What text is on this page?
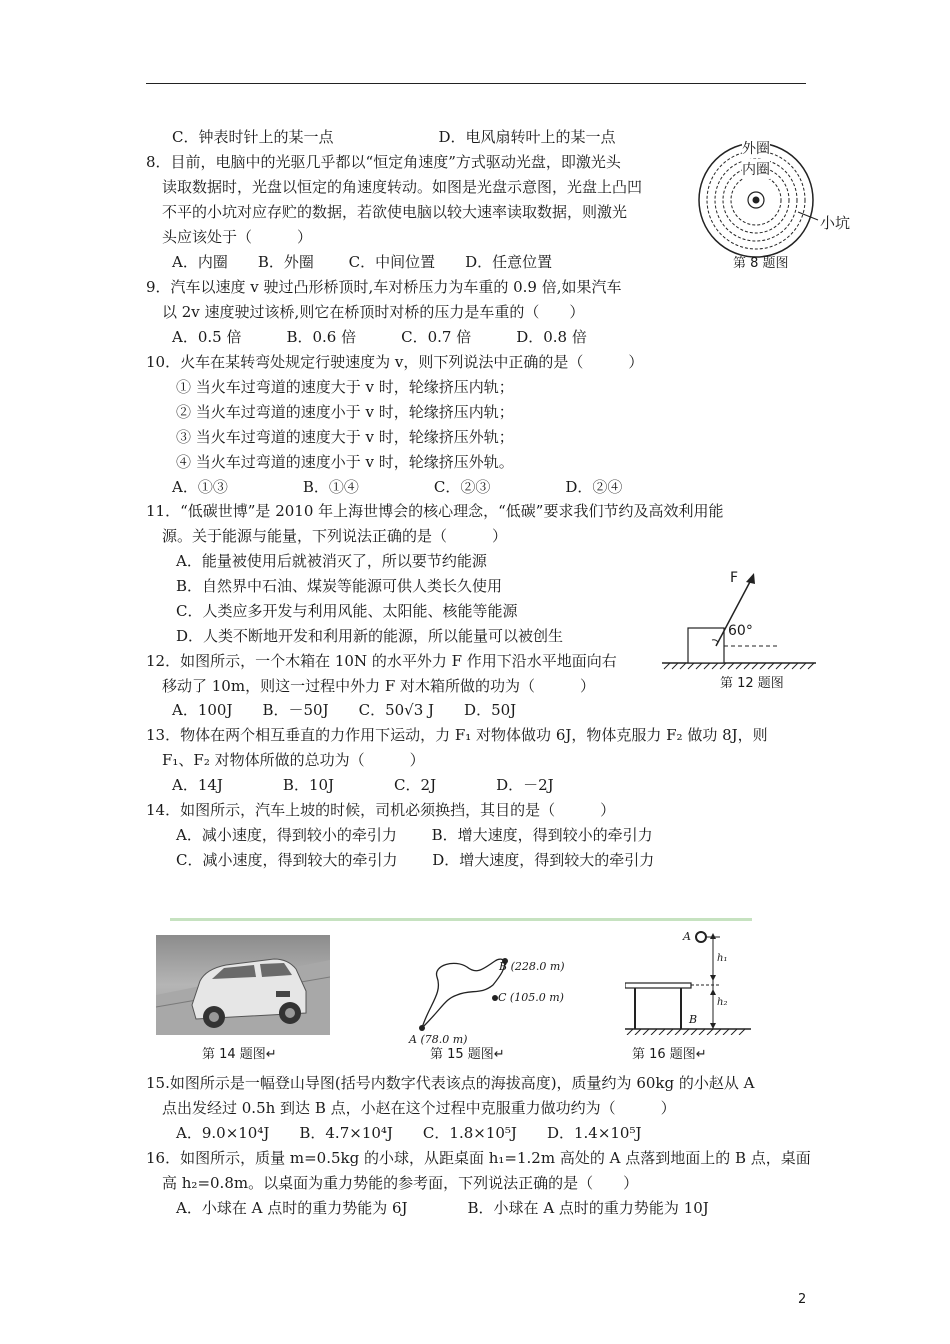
C．钟表时针上的某一点　　　　　　　D．电风扇转叶上的某一点
8．目前，电脑中的光驱几乎都以“恒定角速度”方式驱动光盘，即激光头
读取数据时，光盘以恒定的角速度转动。如图是光盘示意图，光盘上凸凹
不平的小坑对应存贮的数据，若欲使电脑以较大速率读取数据，则激光
头应该处于（　　　）
A．内圈　　B．外圈　　 C．中间位置　　D．任意位置
9．汽车以速度 v 驶过凸形桥顶时,车对桥压力为车重的 0.9 倍,如果汽车
以 2v 速度驶过该桥,则它在桥顶时对桥的压力是车重的（　　）
A．0.5 倍　　　B．0.6 倍　　　C．0.7 倍　　　D．0.8 倍
10．火车在某转弯处规定行驶速度为 v，则下列说法中正确的是（　　　）
① 当火车过弯道的速度大于 v 时，轮缘挤压内轨；
② 当火车过弯道的速度小于 v 时，轮缘挤压内轨；
③ 当火车过弯道的速度大于 v 时，轮缘挤压外轨；
④ 当火车过弯道的速度小于 v 时，轮缘挤压外轨。
A．①③　　　　　B．①④　　　　　C．②③　　　　　D．②④
11．“低碳世博”是 2010 年上海世博会的核心理念，“低碳”要求我们节约及高效利用能
源。关于能源与能量，下列说法正确的是（　　　）
A．能量被使用后就被消灭了，所以要节约能源
B．自然界中石油、煤炭等能源可供人类长久使用
C．人类应多开发与利用风能、太阳能、核能等能源
D．人类不断地开发和利用新的能源，所以能量可以被创生
12．如图所示，一个木箱在 10N 的水平外力 F 作用下沿水平地面向右
移动了 10m，则这一过程中外力 F 对木箱所做的功为（　　　）
A．100J　　B．－50J　　C．50√3 J　　D．50J
13．物体在两个相互垂直的力作用下运动，力 F₁ 对物体做功 6J，物体克服力 F₂ 做功 8J，则
F₁、F₂ 对物体所做的总功为（　　　）
A．14J　　　　B．10J　　　　C．2J　　　　D．－2J
14．如图所示，汽车上坡的时候，司机必须换挡，其目的是（　　　）
A．减小速度，得到较小的牵引力　　 B．增大速度，得到较小的牵引力
C．减小速度，得到较大的牵引力　　 D．增大速度，得到较大的牵引力
15.如图所示是一幅登山导图(括号内数字代表该点的海拔高度)，质量约为 60kg 的小赵从 A
点出发经过 0.5h 到达 B 点，小赵在这个过程中克服重力做功约为（　　　）
A．9.0×10⁴J　　B．4.7×10⁴J　　C．1.8×10⁵J　　D．1.4×10⁵J
16．如图所示，质量 m=0.5kg 的小球，从距桌面 h₁=1.2m 高处的 A 点落到地面上的 B 点，桌面
高 h₂=0.8m。以桌面为重力势能的参考面，下列说法正确的是（　　）
A．小球在 A 点时的重力势能为 6J　　　　B．小球在 A 点时的重力势能为 10J
外圈
内圈
小坑
第 8 题图
F
60°
第 12 题图
第 14 题图↵
B (228.0 m)
C (105.0 m)
A (78.0 m)
第 15 题图↵
A
h₁
h₂
B
第 16 题图↵
2
